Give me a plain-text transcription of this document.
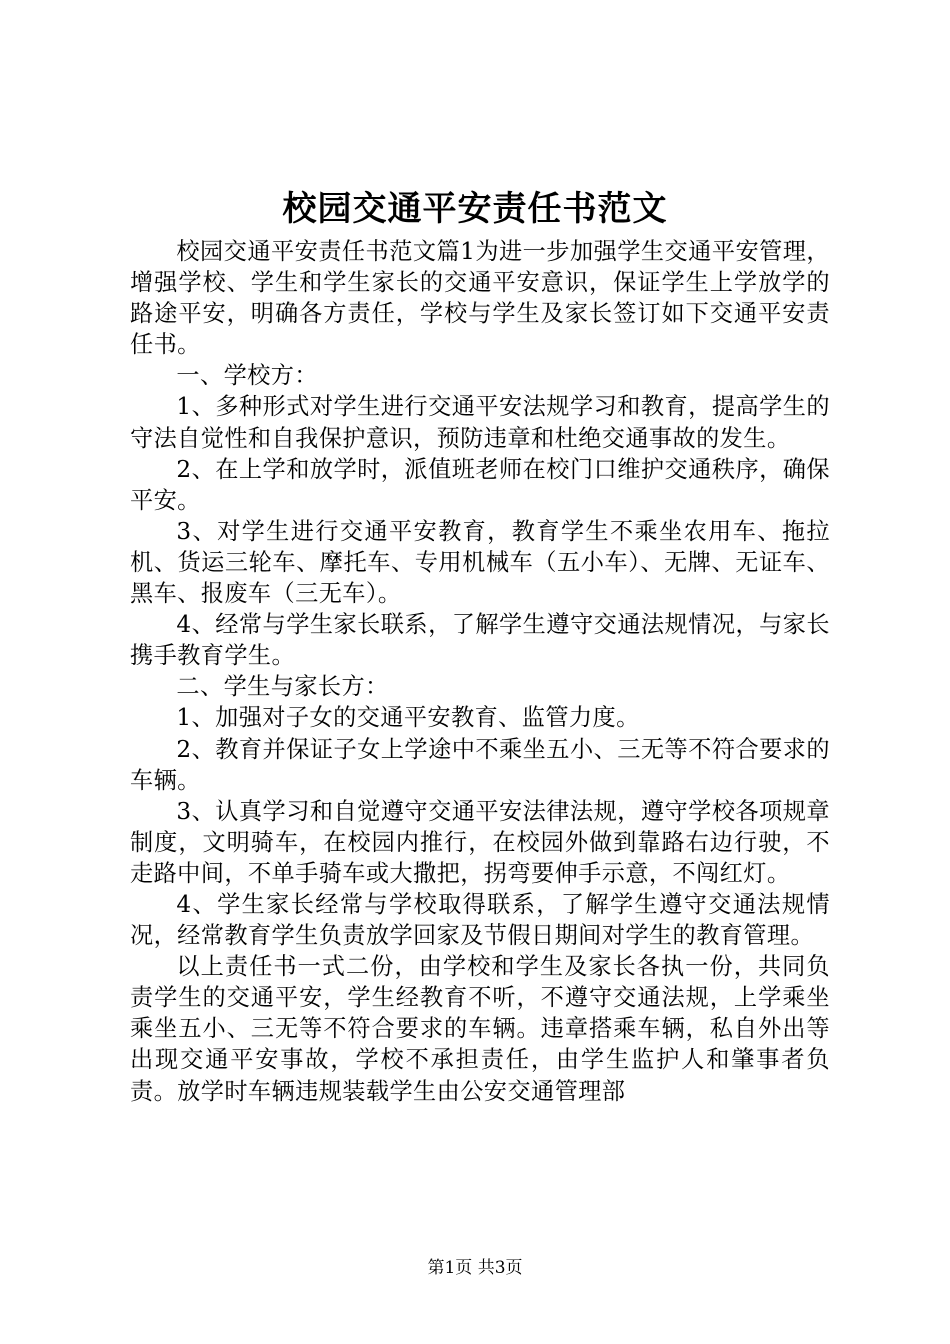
校园交通平安责任书范文

校园交通平安责任书范文篇1为进一步加强学生交通平安管理，增强学校、学生和学生家长的交通平安意识，保证学生上学放学的路途平安，明确各方责任，学校与学生及家长签订如下交通平安责任书。

一、学校方：

1、多种形式对学生进行交通平安法规学习和教育，提高学生的守法自觉性和自我保护意识，预防违章和杜绝交通事故的发生。

2、在上学和放学时，派值班老师在校门口维护交通秩序，确保平安。

3、对学生进行交通平安教育，教育学生不乘坐农用车、拖拉机、货运三轮车、摩托车、专用机械车（五小车）、无牌、无证车、黑车、报废车（三无车）。

4、经常与学生家长联系，了解学生遵守交通法规情况，与家长携手教育学生。

二、学生与家长方：

1、加强对子女的交通平安教育、监管力度。

2、教育并保证子女上学途中不乘坐五小、三无等不符合要求的车辆。

3、认真学习和自觉遵守交通平安法律法规，遵守学校各项规章制度，文明骑车，在校园内推行，在校园外做到靠路右边行驶，不走路中间，不单手骑车或大撒把，拐弯要伸手示意，不闯红灯。

4、学生家长经常与学校取得联系，了解学生遵守交通法规情况，经常教育学生负责放学回家及节假日期间对学生的教育管理。

以上责任书一式二份，由学校和学生及家长各执一份，共同负责学生的交通平安，学生经教育不听，不遵守交通法规，上学乘坐乘坐五小、三无等不符合要求的车辆。违章搭乘车辆，私自外出等出现交通平安事故，学校不承担责任，由学生监护人和肇事者负责。放学时车辆违规装载学生由公安交通管理部

第1页 共3页
